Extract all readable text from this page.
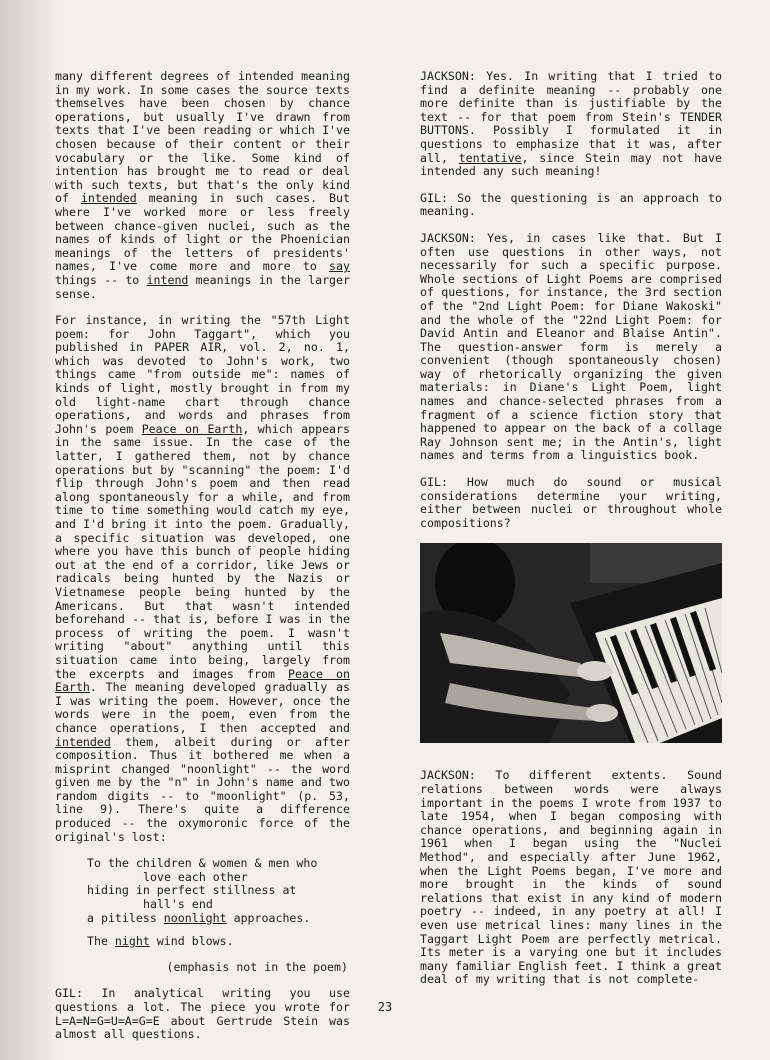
many different degrees of intended meaning in my work. In some cases the source texts themselves have been chosen by chance operations, but usually I've drawn from texts that I've been reading or which I've chosen because of their content or their vocabulary or the like. Some kind of intention has brought me to read or deal with such texts, but that's the only kind of intended meaning in such cases. But where I've worked more or less freely between chance-given nuclei, such as the names of kinds of light or the Phoenician meanings of the letters of presidents' names, I've come more and more to say things -- to intend meanings in the larger sense.

For instance, in writing the "57th Light poem: for John Taggart", which you published in PAPER AIR, vol. 2, no. 1, which was devoted to John's work, two things came "from outside me": names of kinds of light, mostly brought in from my old light-name chart through chance operations, and words and phrases from John's poem Peace on Earth, which appears in the same issue. In the case of the latter, I gathered them, not by chance operations but by "scanning" the poem: I'd flip through John's poem and then read along spontaneously for a while, and from time to time something would catch my eye, and I'd bring it into the poem. Gradually, a specific situation was developed, one where you have this bunch of people hiding out at the end of a corridor, like Jews or radicals being hunted by the Nazis or Vietnamese people being hunted by the Americans. But that wasn't intended beforehand -- that is, before I was in the process of writing the poem. I wasn't writing "about" anything until this situation came into being, largely from the excerpts and images from Peace on Earth. The meaning developed gradually as I was writing the poem. However, once the words were in the poem, even from the chance operations, I then accepted and intended them, albeit during or after composition. Thus it bothered me when a misprint changed "noonlight" -- the word given me by the "n" in John's name and two random digits -- to "moonlight" (p. 53, line 9). There's quite a difference produced -- the oxymoronic force of the original's lost:

To the children & women & men who
love each other
hiding in perfect stillness at
hall's end
a pitiless noonlight approaches.
The night wind blows.

(emphasis not in the poem)

GIL: In analytical writing you use questions a lot. The piece you wrote for L=A=N=G=U=A=G=E about Gertrude Stein was almost all questions.

JACKSON: Yes. In writing that I tried to find a definite meaning -- probably one more definite than is justifiable by the text -- for that poem from Stein's TENDER BUTTONS. Possibly I formulated it in questions to emphasize that it was, after all, tentative, since Stein may not have intended any such meaning!

GIL: So the questioning is an approach to meaning.

JACKSON: Yes, in cases like that. But I often use questions in other ways, not necessarily for such a specific purpose. Whole sections of Light Poems are comprised of questions, for instance, the 3rd section of the "2nd Light Poem: for Diane Wakoski" and the whole of the "22nd Light Poem: for David Antin and Eleanor and Blaise Antin". The question-answer form is merely a convenient (though spontaneously chosen) way of rhetorically organizing the given materials: in Diane's Light Poem, light names and chance-selected phrases from a fragment of a science fiction story that happened to appear on the back of a collage Ray Johnson sent me; in the Antin's, light names and terms from a linguistics book.

GIL: How much do sound or musical considerations determine your writing, either between nuclei or throughout whole compositions?

JACKSON: To different extents. Sound relations between words were always important in the poems I wrote from 1937 to late 1954, when I began composing with chance operations, and beginning again in 1961 when I began using the "Nuclei Method", and especially after June 1962, when the Light Poems began, I've more and more brought in the kinds of sound relations that exist in any kind of modern poetry -- indeed, in any poetry at all! I even use metrical lines: many lines in the Taggart Light Poem are perfectly metrical. Its meter is a varying one but it includes many familiar English feet. I think a great deal of my writing that is not complete-

23
